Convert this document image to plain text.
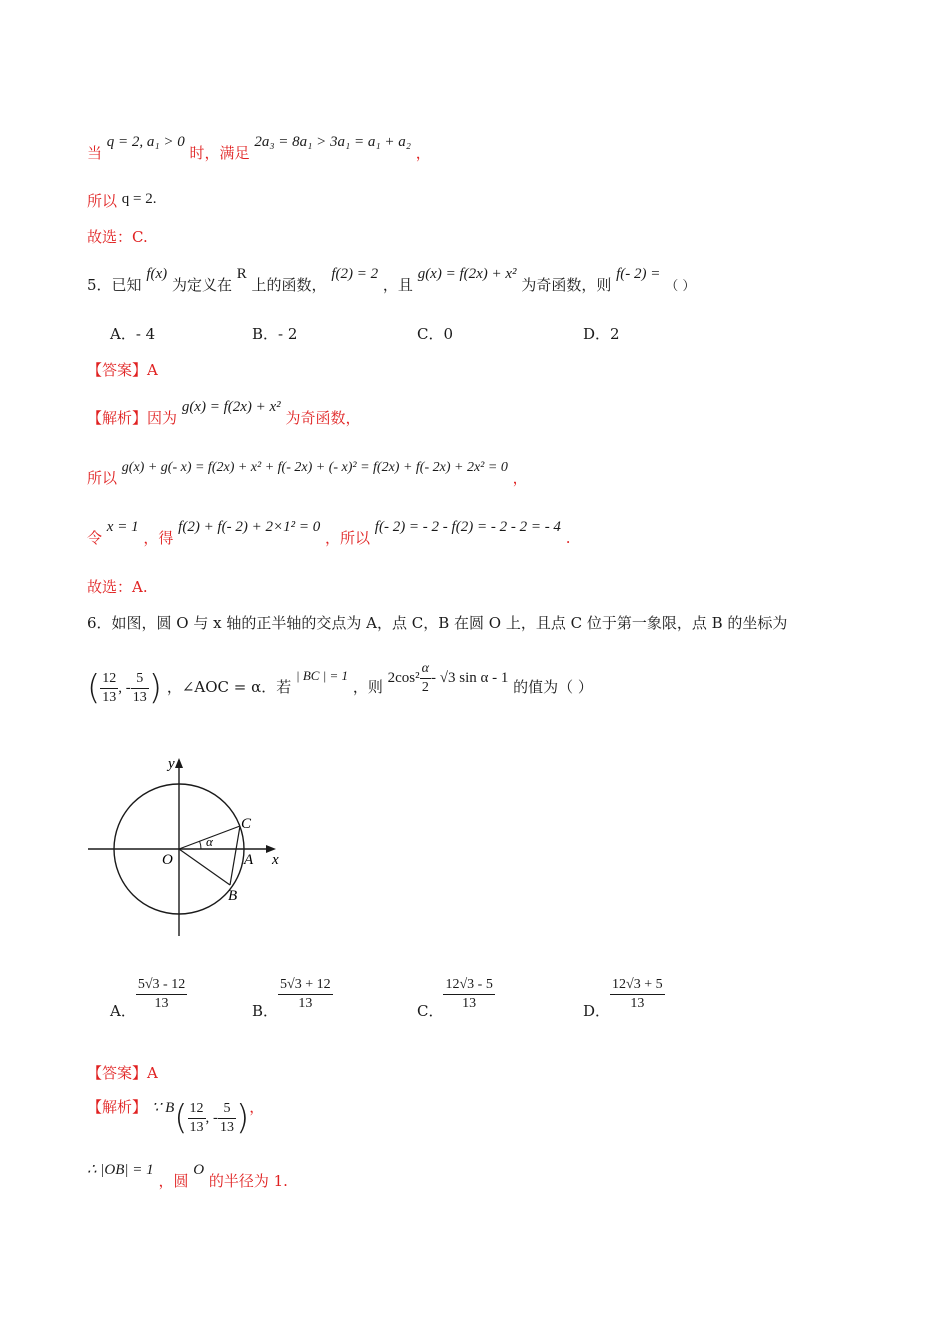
当 q = 2, a₁ > 0 时，满足 2a₃ = 8a₁ > 3a₁ = a₁ + a₂ ，
所以 q = 2.
故选：C.
5．已知 f(x) 为定义在 R 上的函数， f(2) = 2 ，且 g(x) = f(2x) + x² 为奇函数，则 f(- 2) = （ ）
A．- 4	B．- 2	C．0	D．2
【答案】A
【解析】因为 g(x) = f(2x) + x² 为奇函数，
所以 g(x) + g(- x) = f(2x) + x² + f(- 2x) + (- x)² = f(2x) + f(- 2x) + 2x² = 0 ，
令 x = 1 ，得 f(2) + f(- 2) + 2×1² = 0 ，所以 f(- 2) = - 2 - f(2) = - 2 - 2 = - 4 .
故选：A.
6．如图，圆 O 与 x 轴的正半轴的交点为 A，点 C，B 在圆 O 上，且点 C 位于第一象限，点 B 的坐标为
( $\frac{12}{13}$ , - $\frac{5}{13}$ ) ，∠AOC = α．若 | BC | = 1 ，则 $2\cos^2 \frac{\alpha}{2} - √3$ sin α - 1 的值为（ ）
y
x
O	A
C
B
α
A． $\frac{5√3 - 12}{13}$	B． $\frac{5√3 + 12}{13}$	C． $\frac{12√3 - 5}{13}$	D． $\frac{12√3 + 5}{13}$
【答案】A
【解析】 ∵ $B( \frac{12}{13}$ , - $\frac{5}{13}$ )，
∴ |OB| = 1 ，圆 O 的半径为 1.
